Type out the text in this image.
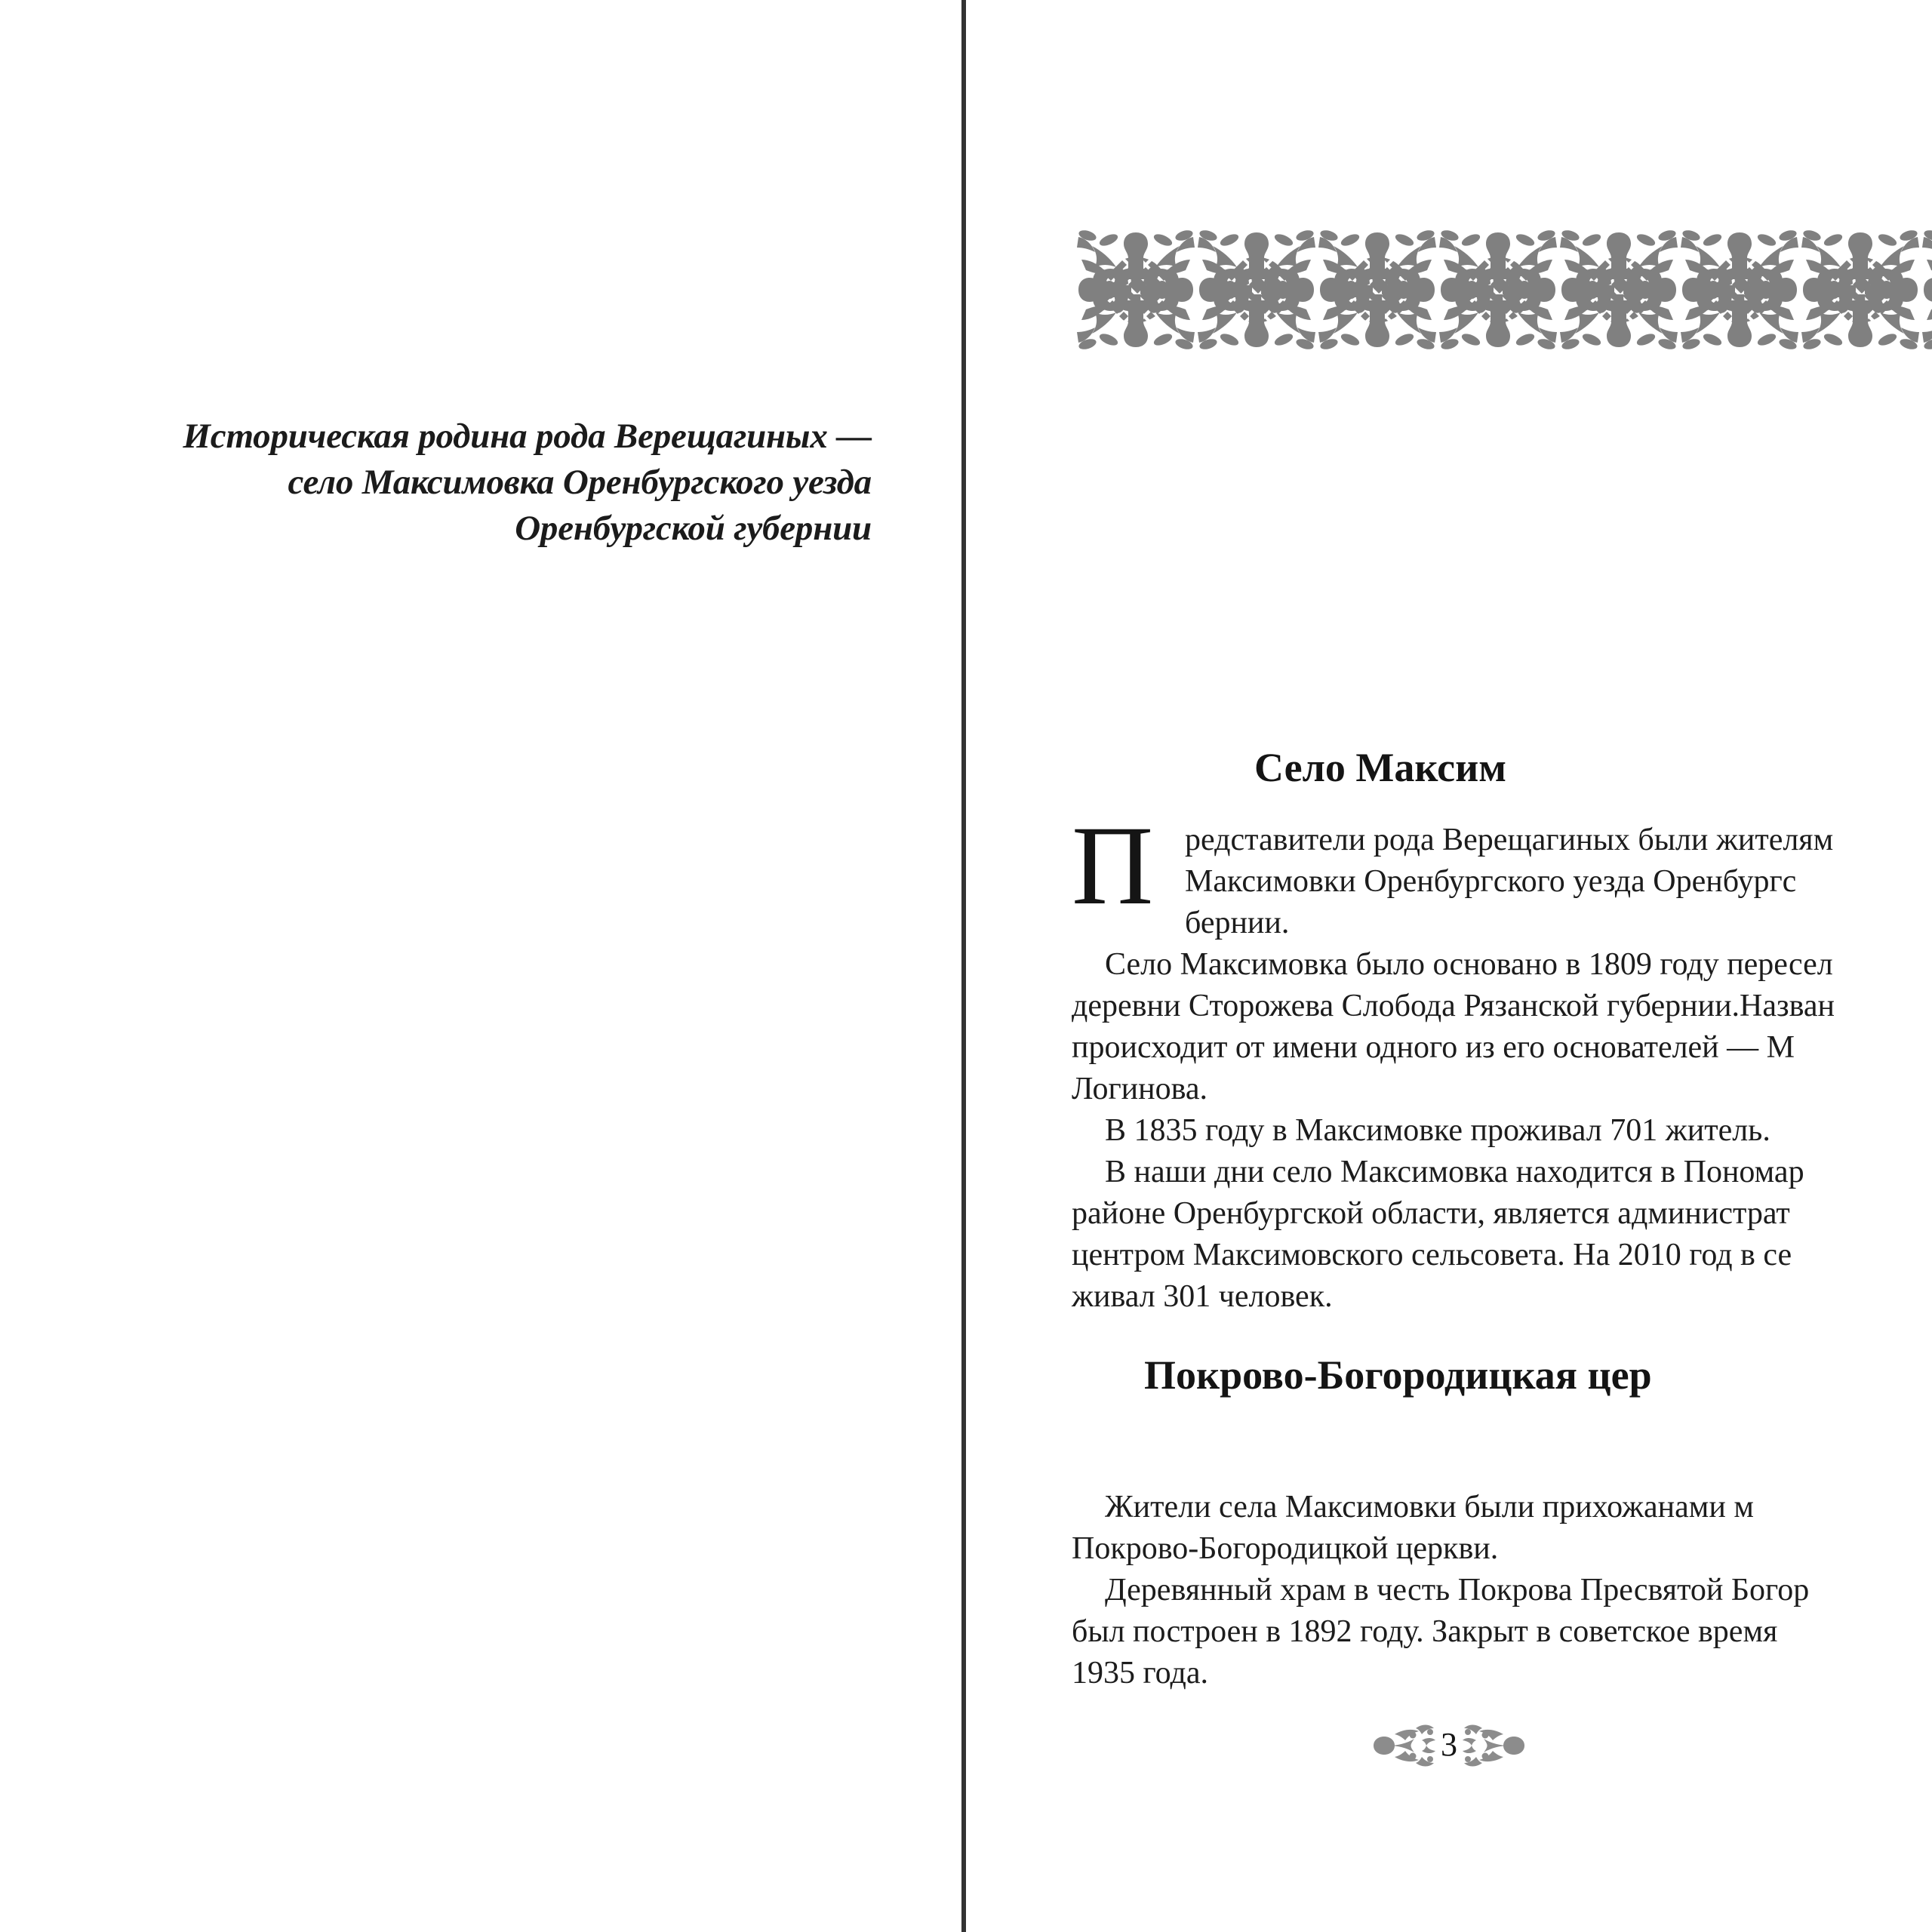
Историческая родина рода Верещагиных —
село Максимовка Оренбургского уезда
Оренбургской губернии
Село Максим
П редставители рода Верещагиных были жителям
Максимовки Оренбургского уезда Оренбургс
бернии.
Село Максимовка было основано в 1809 году пересел
деревни Сторожева Слобода Рязанской губернии.Назван
происходит от имени одного из его основателей — М
Логинова.
В 1835 году в Максимовке проживал 701 житель.
В наши дни село Максимовка находится в Пономар
районе Оренбургской области, является администрат
центром Максимовского сельсовета. На 2010 год в се
живал 301 человек.
Жители села Максимовки были прихожанами м
Покрово-Богородицкой церкви.
Деревянный храм в честь Покрова Пресвятой Богор
был построен в 1892 году. Закрыт в советское время
1935 года.
Покрово-Богородицкая цер
3
